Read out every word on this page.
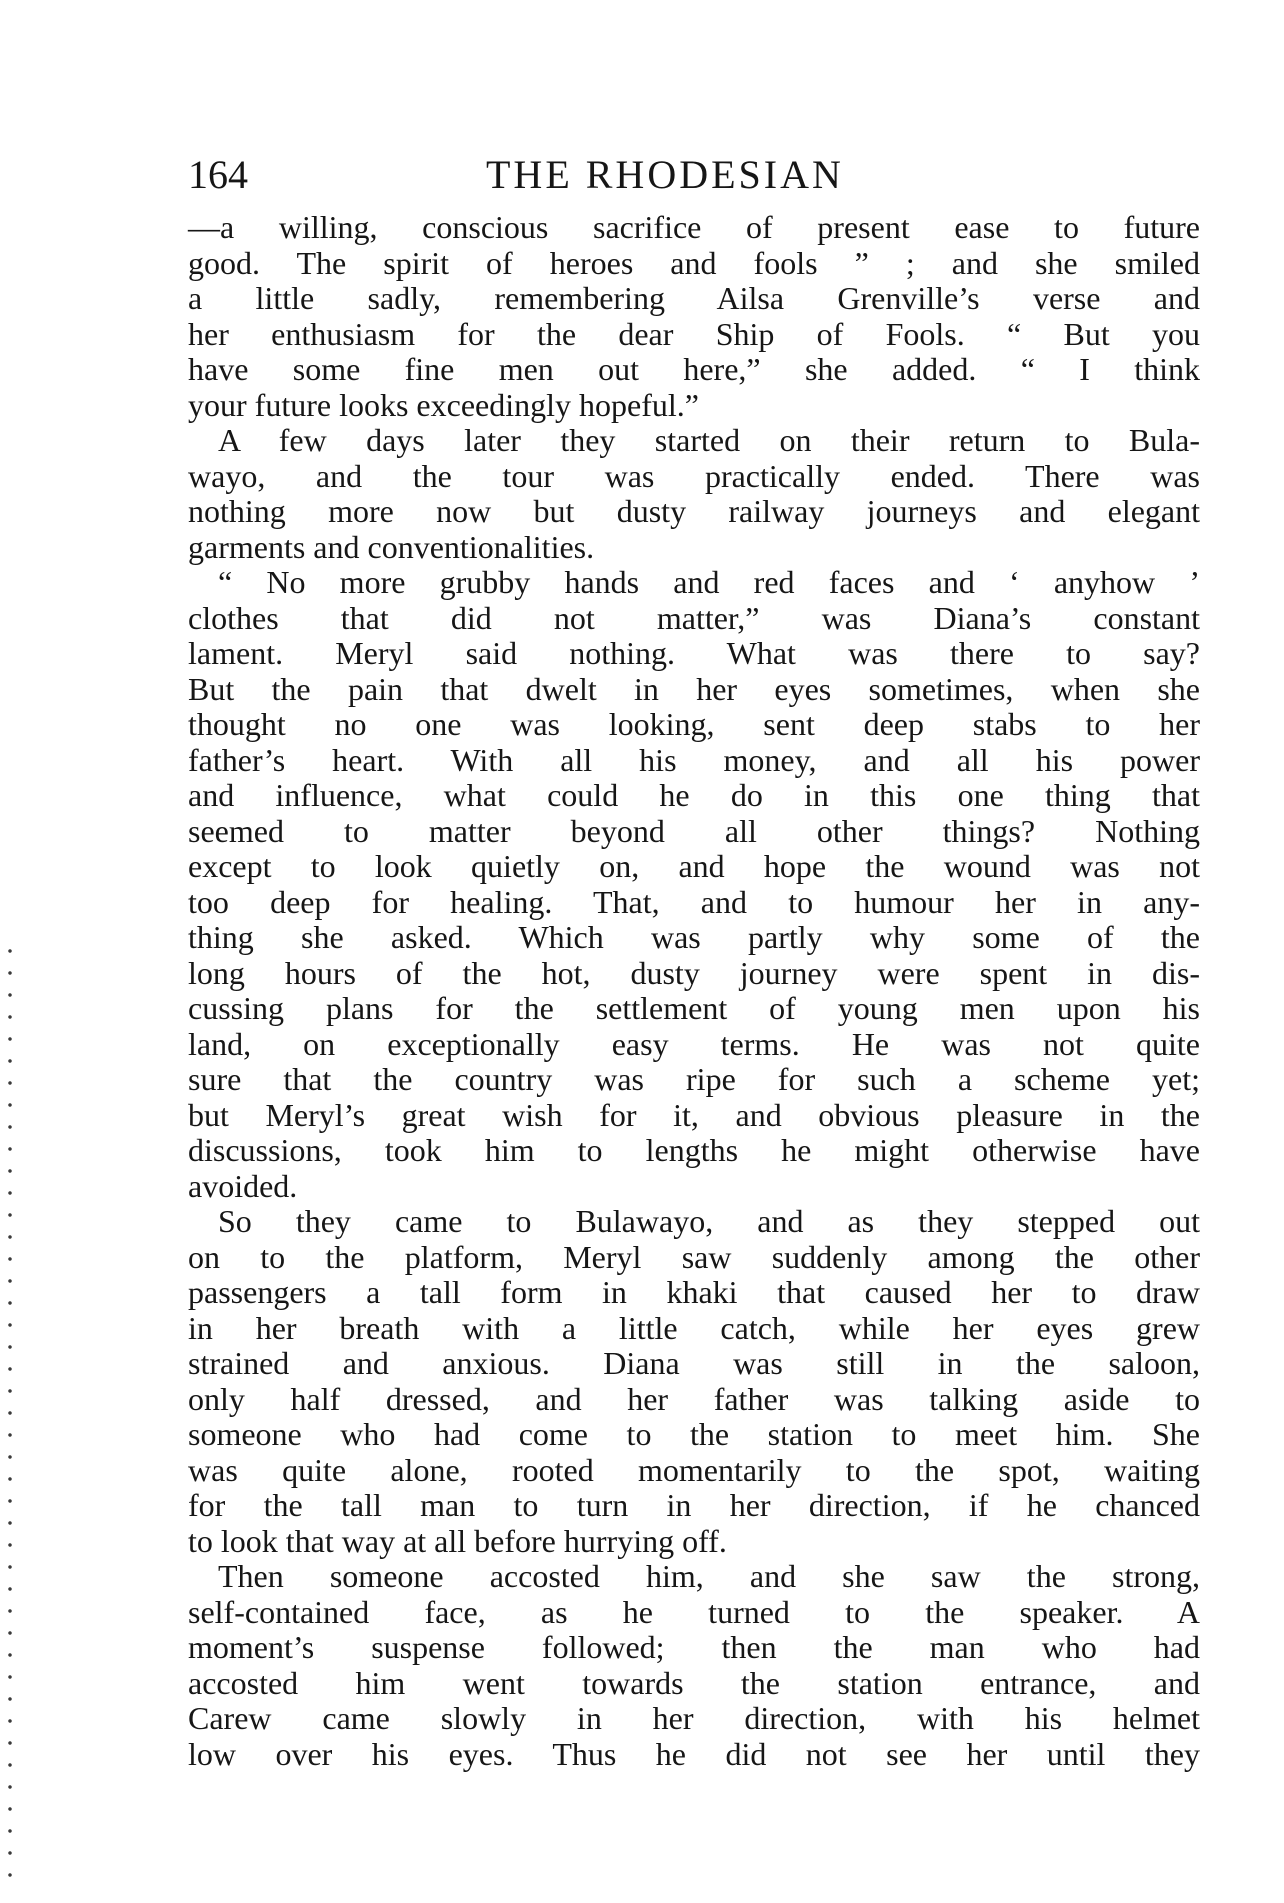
164	THE RHODESIAN
—a willing, conscious sacrifice of present ease to future
good. The spirit of heroes and fools ” ; and she smiled
a little sadly, remembering Ailsa Grenville’s verse and
her enthusiasm for the dear Ship of Fools. “ But you
have some fine men out here,” she added. “ I think
your future looks exceedingly hopeful.”
A few days later they started on their return to Bula-
wayo, and the tour was practically ended. There was
nothing more now but dusty railway journeys and elegant
garments and conventionalities.
“ No more grubby hands and red faces and ‘ anyhow ’
clothes that did not matter,” was Diana’s constant
lament. Meryl said nothing. What was there to say?
But the pain that dwelt in her eyes sometimes, when she
thought no one was looking, sent deep stabs to her
father’s heart. With all his money, and all his power
and influence, what could he do in this one thing that
seemed to matter beyond all other things? Nothing
except to look quietly on, and hope the wound was not
too deep for healing. That, and to humour her in any-
thing she asked. Which was partly why some of the
long hours of the hot, dusty journey were spent in dis-
cussing plans for the settlement of young men upon his
land, on exceptionally easy terms. He was not quite
sure that the country was ripe for such a scheme yet;
but Meryl’s great wish for it, and obvious pleasure in the
discussions, took him to lengths he might otherwise have
avoided.
So they came to Bulawayo, and as they stepped out
on to the platform, Meryl saw suddenly among the other
passengers a tall form in khaki that caused her to draw
in her breath with a little catch, while her eyes grew
strained and anxious. Diana was still in the saloon,
only half dressed, and her father was talking aside to
someone who had come to the station to meet him. She
was quite alone, rooted momentarily to the spot, waiting
for the tall man to turn in her direction, if he chanced
to look that way at all before hurrying off.
Then someone accosted him, and she saw the strong,
self-contained face, as he turned to the speaker. A
moment’s suspense followed; then the man who had
accosted him went towards the station entrance, and
Carew came slowly in her direction, with his helmet
low over his eyes. Thus he did not see her until they
